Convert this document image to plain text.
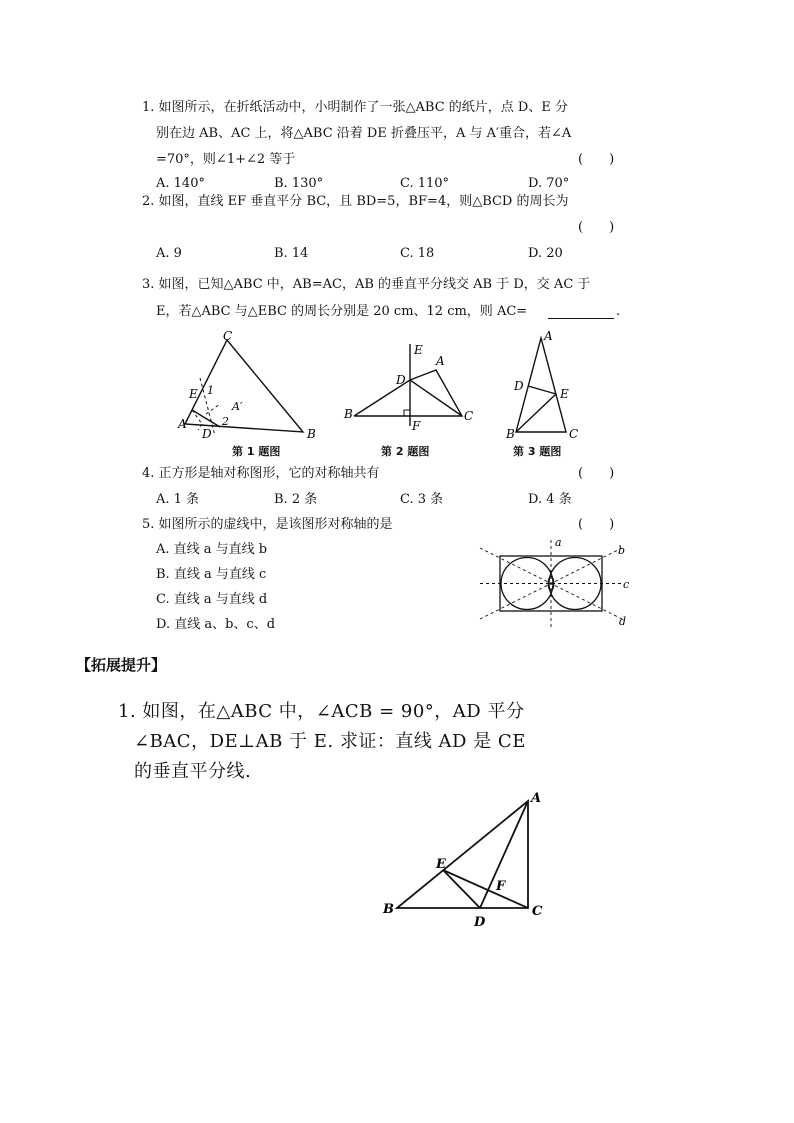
1. 如图所示，在折纸活动中，小明制作了一张△ABC 的纸片，点 D、E 分
别在边 AB、AC 上，将△ABC 沿着 DE 折叠压平，A 与 A′重合，若∠A
=70°，则∠1+∠2 等于	(　　)
A. 140°	B. 130°	C. 110°	D. 70°
2. 如图，直线 EF 垂直平分 BC，且 BD=5，BF=4，则△BCD 的周长为
(　　)
A. 9	B. 14	C. 18	D. 20
3. 如图，已知△ABC 中，AB=AC，AB 的垂直平分线交 AB 于 D，交 AC 于
E，若△ABC 与△EBC 的周长分别是 20 cm、12 cm，则 AC=	.
C
E 1
A′
2
A
D	B
E
A
D
B	C
F
A
D
E
B	C
第 1 题图	第 2 题图	第 3 题图
4. 正方形是轴对称图形，它的对称轴共有	(　　)
A. 1 条	B. 2 条	C. 3 条	D. 4 条
5. 如图所示的虚线中，是该图形对称轴的是	(　　)
A. 直线 a 与直线 b
B. 直线 a 与直线 c
C. 直线 a 与直线 d
D. 直线 a、b、c、d
a
b
c
d
【拓展提升】
1. 如图，在△ABC 中，∠ACB = 90°，AD 平分
∠BAC，DE⊥AB 于 E. 求证：直线 AD 是 CE
的垂直平分线.
A
E
F
B	C
D
